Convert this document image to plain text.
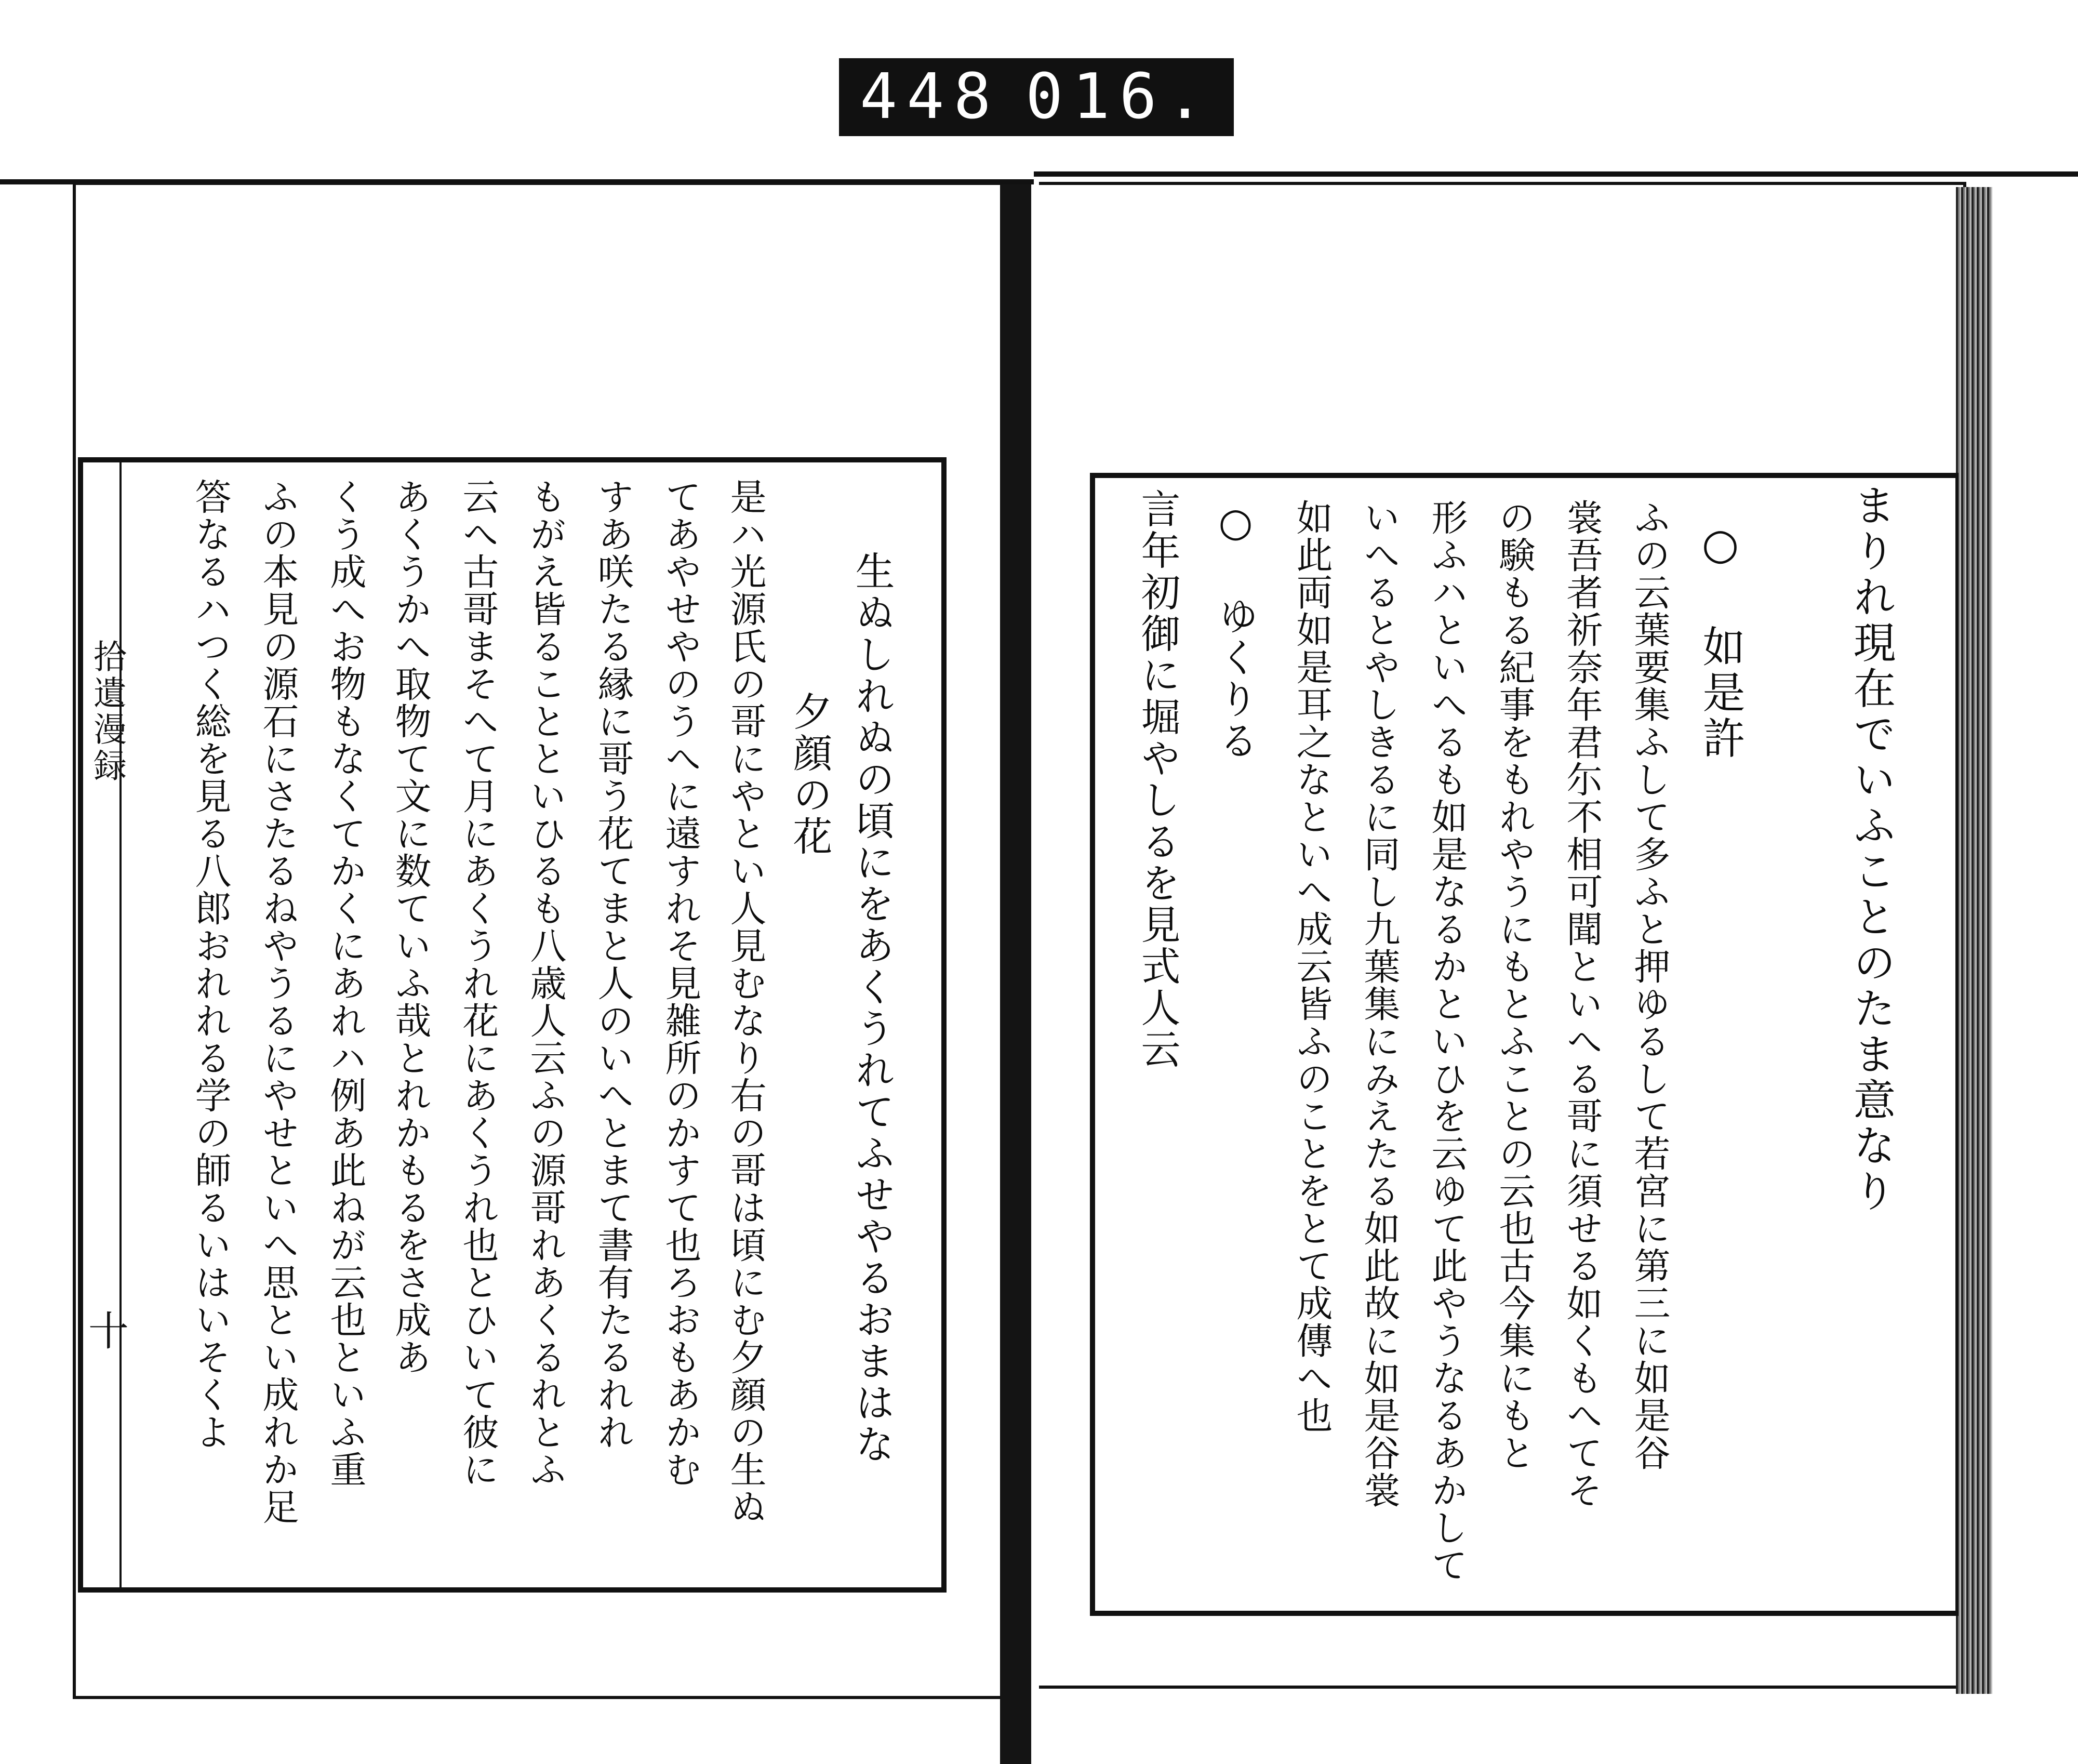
448 016.
拾遺漫録
十	生ぬしれぬの頃にをあくうれてふせやるおまはな
夕顔の花
是ハ光源氏の哥にやとい人見むなり右の哥は頃にむ夕顔の生ぬ
てあやせやのうへに遠すれそ見雑所のかすて也ろおもあかむ
すあ咲たる縁に哥う花てまと人のいへとまて書有たるれれ
もがえ皆ることといひるも八歳人云ふの源哥れあくるれとふ
云へ古哥まそへて月にあくうれ花にあくうれ也とひいて彼に
あくうかへ取物て文に数ていふ哉とれかもるをさ成あ
くう成へお物もなくてかくにあれハ例あ此ねが云也といふ重
ふの本見の源石にさたるねやうるにやせといへ思とい成れか足
答なるハつく総を見る八郎おれれる学の師るいはいそくよ	まりれ現在でいふことのたま意なり
○ 如是許
ふの云葉要集ふして多ふと押ゆるして若宮に第三に如是谷
裳吾者祈奈年君尓不相可聞といへる哥に須せる如くもへてそ
の験もる紀事をもれやうにもとふことの云也古今集にもと
形ふハといへるも如是なるかといひを云ゆて此やうなるあかして
いへるとやしきるに同し九葉集にみえたる如此故に如是谷裳
如此両如是耳之なといへ成云皆ふのことをとて成傳へ也
○ ゆくりる
言年初御に堀やしるを見式人云
